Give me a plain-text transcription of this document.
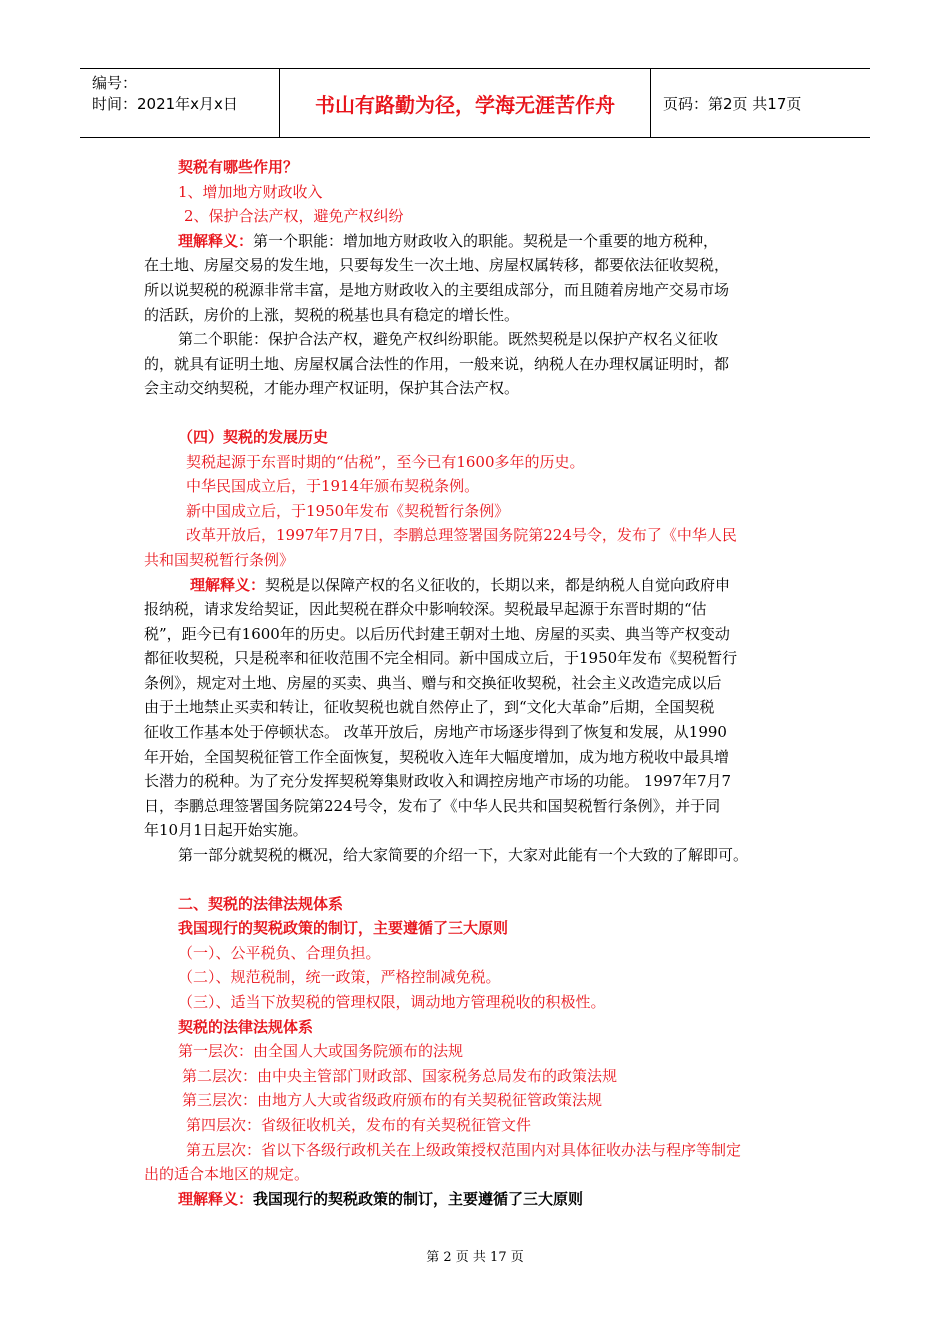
编号：
时间：2021年x月x日	书山有路勤为径，学海无涯苦作舟	页码：第2页 共17页
契税有哪些作用？
1、增加地方财政收入
2、保护合法产权，避免产权纠纷
理解释义：第一个职能：增加地方财政收入的职能。契税是一个重要的地方税种，
在土地、房屋交易的发生地，只要每发生一次土地、房屋权属转移，都要依法征收契税，
所以说契税的税源非常丰富，是地方财政收入的主要组成部分，而且随着房地产交易市场
的活跃，房价的上涨，契税的税基也具有稳定的增长性。
第二个职能：保护合法产权，避免产权纠纷职能。既然契税是以保护产权名义征收
的，就具有证明土地、房屋权属合法性的作用，一般来说，纳税人在办理权属证明时，都
会主动交纳契税，才能办理产权证明，保护其合法产权。
（四）契税的发展历史
契税起源于东晋时期的“估税”，至今已有1600多年的历史。
中华民国成立后，于1914年颁布契税条例。
新中国成立后，于1950年发布《契税暂行条例》
改革开放后，1997年7月7日，李鹏总理签署国务院第224号令，发布了《中华人民
共和国契税暂行条例》
理解释义：契税是以保障产权的名义征收的，长期以来，都是纳税人自觉向政府申
报纳税，请求发给契证，因此契税在群众中影响较深。契税最早起源于东晋时期的“估
税”，距今已有1600年的历史。以后历代封建王朝对土地、房屋的买卖、典当等产权变动
都征收契税，只是税率和征收范围不完全相同。新中国成立后，于1950年发布《契税暂行
条例》，规定对土地、房屋的买卖、典当、赠与和交换征收契税，社会主义改造完成以后
由于土地禁止买卖和转让，征收契税也就自然停止了，到“文化大革命”后期，全国契税
征收工作基本处于停顿状态。 改革开放后，房地产市场逐步得到了恢复和发展，从1990
年开始，全国契税征管工作全面恢复，契税收入连年大幅度增加，成为地方税收中最具增
长潜力的税种。为了充分发挥契税筹集财政收入和调控房地产市场的功能。 1997年7月7
日，李鹏总理签署国务院第224号令，发布了《中华人民共和国契税暂行条例》，并于同
年10月1日起开始实施。
第一部分就契税的概况，给大家简要的介绍一下，大家对此能有一个大致的了解即可。
二、契税的法律法规体系
我国现行的契税政策的制订，主要遵循了三大原则
（一）、公平税负、合理负担。
（二）、规范税制，统一政策，严格控制减免税。
（三）、适当下放契税的管理权限，调动地方管理税收的积极性。
契税的法律法规体系
第一层次：由全国人大或国务院颁布的法规
第二层次：由中央主管部门财政部、国家税务总局发布的政策法规
第三层次：由地方人大或省级政府颁布的有关契税征管政策法规
第四层次：省级征收机关，发布的有关契税征管文件
第五层次：省以下各级行政机关在上级政策授权范围内对具体征收办法与程序等制定
出的适合本地区的规定。
理解释义：我国现行的契税政策的制订，主要遵循了三大原则
第 2 页 共 17 页
